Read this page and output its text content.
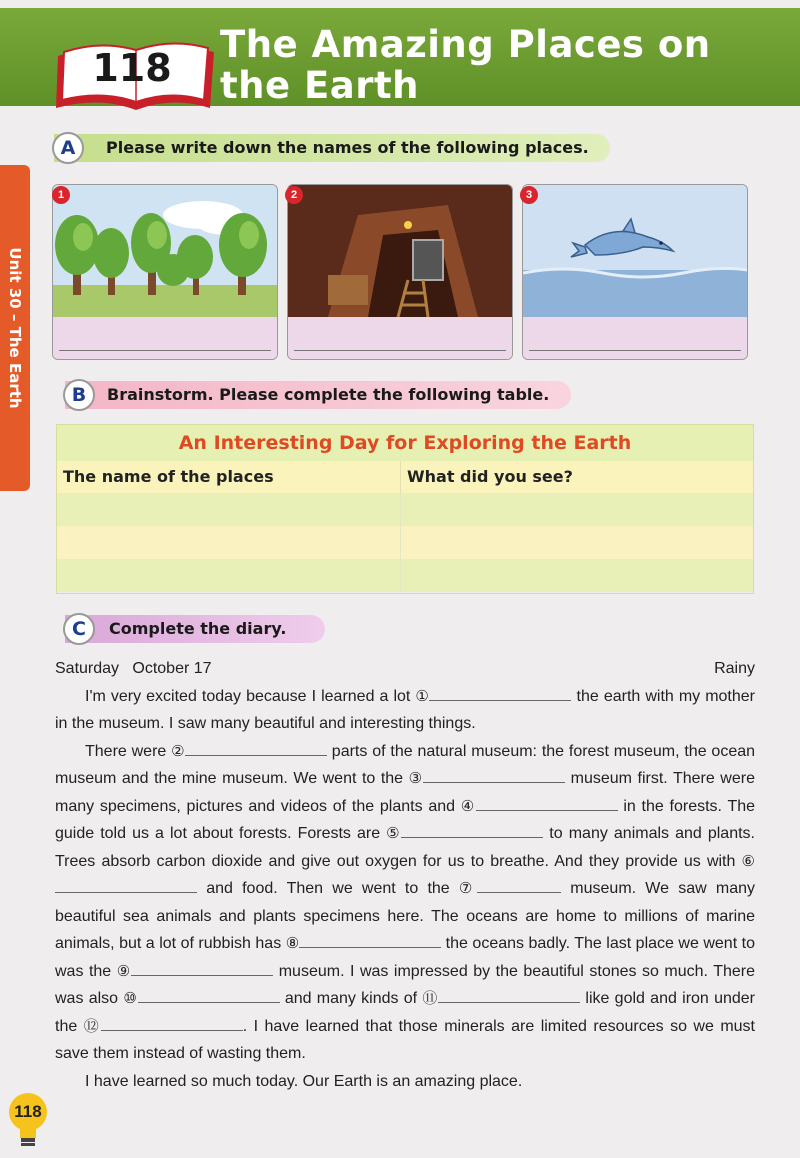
118
The Amazing Places on
the Earth
Unit 30 – The Earth
A	Please write down the names of the following places.
1	2	3
B	Brainstorm. Please complete the following table.
An Interesting Day for Exploring the Earth
The name of the places	What did you see?
C	Complete the diary.
Saturday   October 17	Rainy

I'm very excited today because I learned a lot ①	the earth with my mother in the museum. I saw many beautiful and interesting things.

There were ②	parts of the natural museum: the forest museum, the ocean museum and the mine museum. We went to the ③	museum first. There were many specimens, pictures and videos of the plants and ④	in the forests. The guide told us a lot about forests. Forests are ⑤	to many animals and plants. Trees absorb carbon dioxide and give out oxygen for us to breathe. And they provide us with ⑥ and food. Then we went to the ⑦	museum. We saw many beautiful sea animals and plants specimens here. The oceans are home to millions of marine animals, but a lot of rubbish has ⑧	the oceans badly. The last place we went to was the ⑨	museum. I was impressed by the beautiful stones so much. There was also ⑩	and many kinds of ⑪	like gold and iron under the ⑫	. I have learned that those minerals are limited resources so we must save them instead of wasting them.

I have learned so much today. Our Earth is an amazing place.

118
